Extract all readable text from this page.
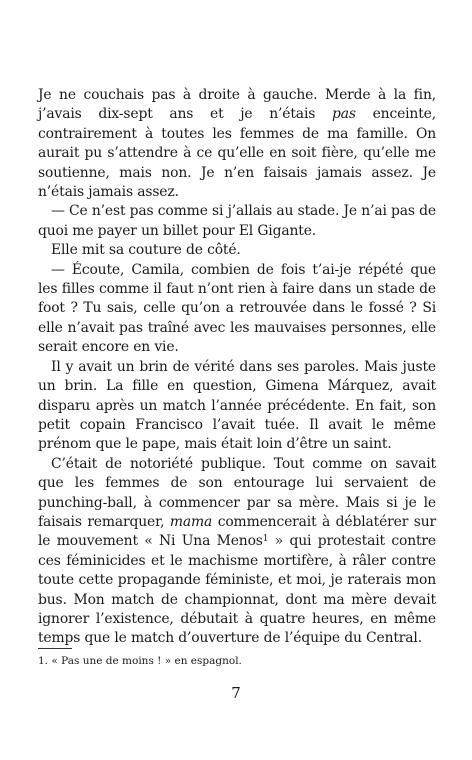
Je ne couchais pas à droite à gauche. Merde à la fin, j’avais dix-sept ans et je n’étais pas enceinte, contrairement à toutes les femmes de ma famille. On aurait pu s’attendre à ce qu’elle en soit fière, qu’elle me soutienne, mais non. Je n’en faisais jamais assez. Je n’étais jamais assez.

— Ce n’est pas comme si j’allais au stade. Je n’ai pas de quoi me payer un billet pour El Gigante.

Elle mit sa couture de côté.

— Écoute, Camila, combien de fois t’ai-je répété que les filles comme il faut n’ont rien à faire dans un stade de foot ? Tu sais, celle qu’on a retrouvée dans le fossé ? Si elle n’avait pas traîné avec les mauvaises personnes, elle serait encore en vie.

Il y avait un brin de vérité dans ses paroles. Mais juste un brin. La fille en question, Gimena Márquez, avait disparu après un match l’année précédente. En fait, son petit copain Francisco l’avait tuée. Il avait le même prénom que le pape, mais était loin d’être un saint.

C’était de notoriété publique. Tout comme on savait que les femmes de son entourage lui servaient de punching-ball, à commencer par sa mère. Mais si je le faisais remarquer, mama commencerait à déblatérer sur le mouvement « Ni Una Menos$^1$ » qui protestait contre ces féminicides et le machisme mortifère, à râler contre toute cette propagande féministe, et moi, je raterais mon bus. Mon match de championnat, dont ma mère devait ignorer l’existence, débutait à quatre heures, en même temps que le match d’ouverture de l’équipe du Central.

1. « Pas une de moins ! » en espagnol.
7
